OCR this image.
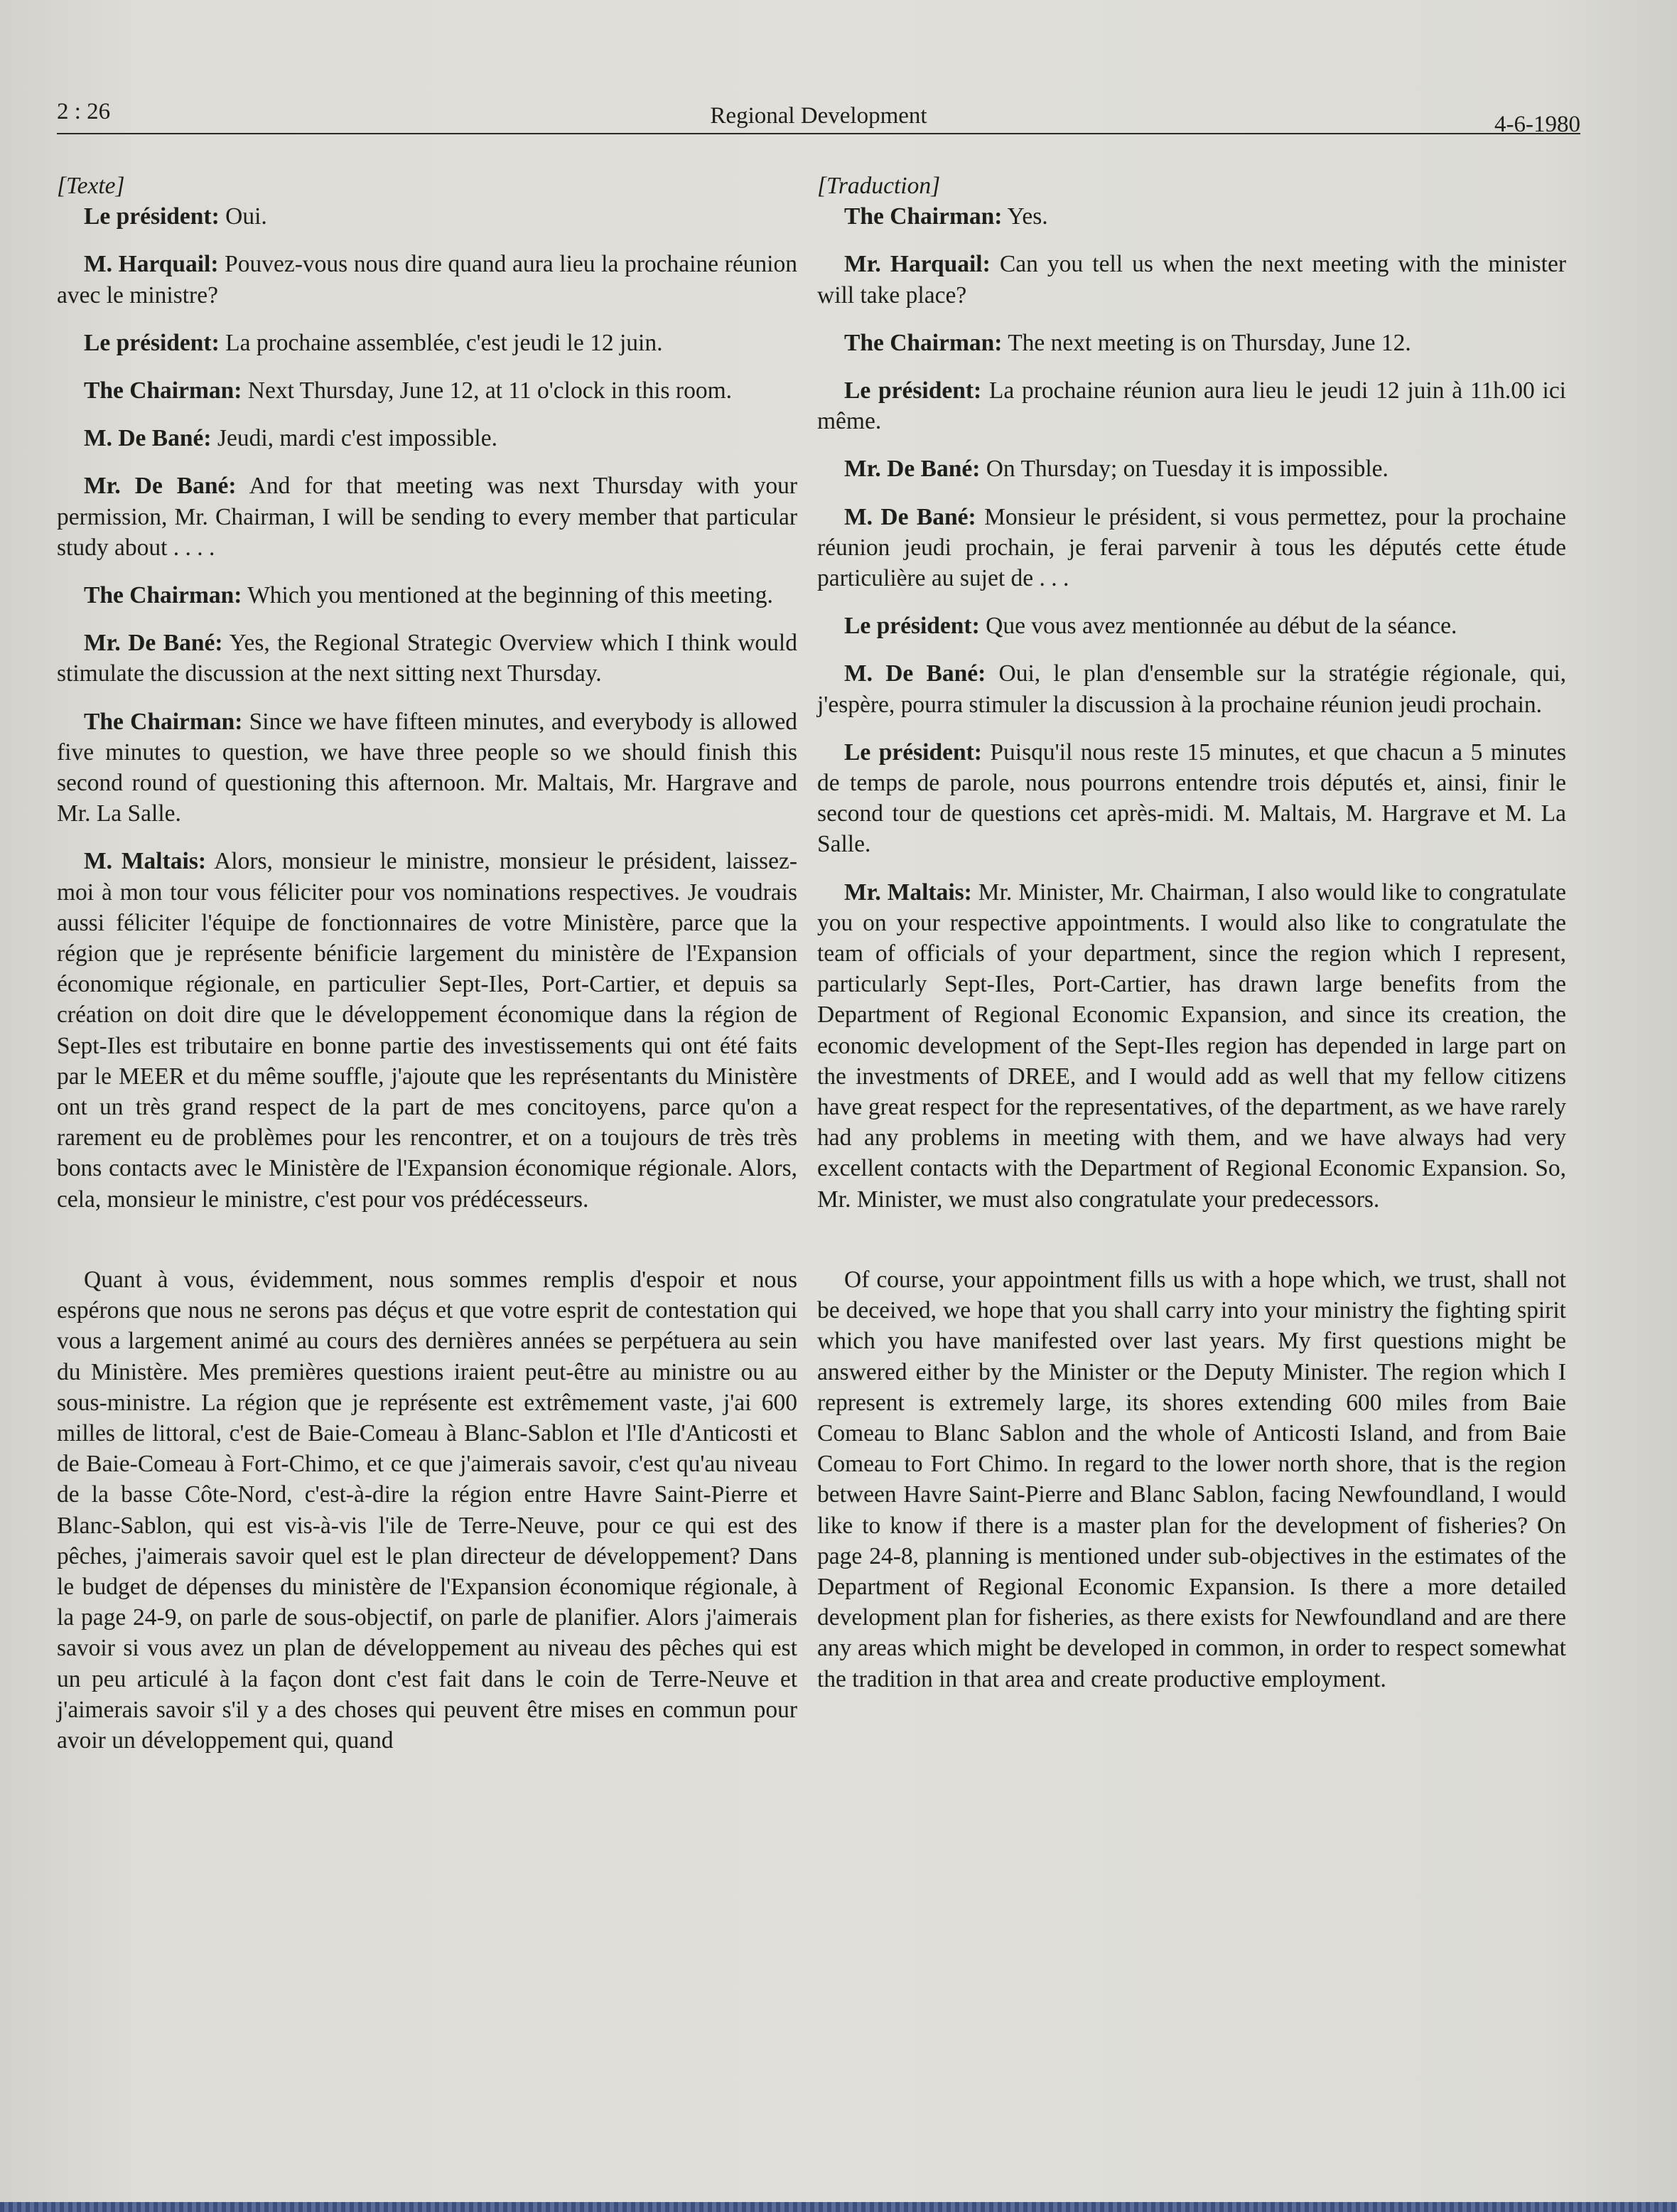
2 : 26	Regional Development	4-6-1980

[Texte]

Le président: Oui.

M. Harquail: Pouvez-vous nous dire quand aura lieu la prochaine réunion avec le ministre?

Le président: La prochaine assemblée, c'est jeudi le 12 juin.

The Chairman: Next Thursday, June 12, at 11 o'clock in this room.

M. De Bané: Jeudi, mardi c'est impossible.

Mr. De Bané: And for that meeting was next Thursday with your permission, Mr. Chairman, I will be sending to every member that particular study about . . . .

The Chairman: Which you mentioned at the beginning of this meeting.

Mr. De Bané: Yes, the Regional Strategic Overview which I think would stimulate the discussion at the next sitting next Thursday.

The Chairman: Since we have fifteen minutes, and everybody is allowed five minutes to question, we have three people so we should finish this second round of questioning this afternoon. Mr. Maltais, Mr. Hargrave and Mr. La Salle.

M. Maltais: Alors, monsieur le ministre, monsieur le président, laissez-moi à mon tour vous féliciter pour vos nominations respectives. Je voudrais aussi féliciter l'équipe de fonctionnaires de votre Ministère, parce que la région que je représente bénificie largement du ministère de l'Expansion économique régionale, en particulier Sept-Iles, Port-Cartier, et depuis sa création on doit dire que le développement économique dans la région de Sept-Iles est tributaire en bonne partie des investissements qui ont été faits par le MEER et du même souffle, j'ajoute que les représentants du Ministère ont un très grand respect de la part de mes concitoyens, parce qu'on a rarement eu de problèmes pour les rencontrer, et on a toujours de très très bons contacts avec le Ministère de l'Expansion économique régionale. Alors, cela, monsieur le ministre, c'est pour vos prédécesseurs.

Quant à vous, évidemment, nous sommes remplis d'espoir et nous espérons que nous ne serons pas déçus et que votre esprit de contestation qui vous a largement animé au cours des dernières années se perpétuera au sein du Ministère. Mes premières questions iraient peut-être au ministre ou au sous-ministre. La région que je représente est extrêmement vaste, j'ai 600 milles de littoral, c'est de Baie-Comeau à Blanc-Sablon et l'Ile d'Anticosti et de Baie-Comeau à Fort-Chimo, et ce que j'aimerais savoir, c'est qu'au niveau de la basse Côte-Nord, c'est-à-dire la région entre Havre Saint-Pierre et Blanc-Sablon, qui est vis-à-vis l'ile de Terre-Neuve, pour ce qui est des pêches, j'aimerais savoir quel est le plan directeur de développement? Dans le budget de dépenses du ministère de l'Expansion économique régionale, à la page 24-9, on parle de sous-objectif, on parle de planifier. Alors j'aimerais savoir si vous avez un plan de développement au niveau des pêches qui est un peu articulé à la façon dont c'est fait dans le coin de Terre-Neuve et j'aimerais savoir s'il y a des choses qui peuvent être mises en commun pour avoir un développement qui, quand

[Traduction]

The Chairman: Yes.

Mr. Harquail: Can you tell us when the next meeting with the minister will take place?

The Chairman: The next meeting is on Thursday, June 12.

Le président: La prochaine réunion aura lieu le jeudi 12 juin à 11h.00 ici même.

Mr. De Bané: On Thursday; on Tuesday it is impossible.

M. De Bané: Monsieur le président, si vous permettez, pour la prochaine réunion jeudi prochain, je ferai parvenir à tous les députés cette étude particulière au sujet de . . .

Le président: Que vous avez mentionnée au début de la séance.

M. De Bané: Oui, le plan d'ensemble sur la stratégie régionale, qui, j'espère, pourra stimuler la discussion à la prochaine réunion jeudi prochain.

Le président: Puisqu'il nous reste 15 minutes, et que chacun a 5 minutes de temps de parole, nous pourrons entendre trois députés et, ainsi, finir le second tour de questions cet après-midi. M. Maltais, M. Hargrave et M. La Salle.

Mr. Maltais: Mr. Minister, Mr. Chairman, I also would like to congratulate you on your respective appointments. I would also like to congratulate the team of officials of your department, since the region which I represent, particularly Sept-Iles, Port-Cartier, has drawn large benefits from the Department of Regional Economic Expansion, and since its creation, the economic development of the Sept-Iles region has depended in large part on the investments of DREE, and I would add as well that my fellow citizens have great respect for the representatives, of the department, as we have rarely had any problems in meeting with them, and we have always had very excellent contacts with the Department of Regional Economic Expansion. So, Mr. Minister, we must also congratulate your predecessors.

Of course, your appointment fills us with a hope which, we trust, shall not be deceived, we hope that you shall carry into your ministry the fighting spirit which you have manifested over last years. My first questions might be answered either by the Minister or the Deputy Minister. The region which I represent is extremely large, its shores extending 600 miles from Baie Comeau to Blanc Sablon and the whole of Anticosti Island, and from Baie Comeau to Fort Chimo. In regard to the lower north shore, that is the region between Havre Saint-Pierre and Blanc Sablon, facing Newfoundland, I would like to know if there is a master plan for the development of fisheries? On page 24-8, planning is mentioned under sub-objectives in the estimates of the Department of Regional Economic Expansion. Is there a more detailed development plan for fisheries, as there exists for Newfoundland and are there any areas which might be developed in common, in order to respect somewhat the tradition in that area and create productive employment.
